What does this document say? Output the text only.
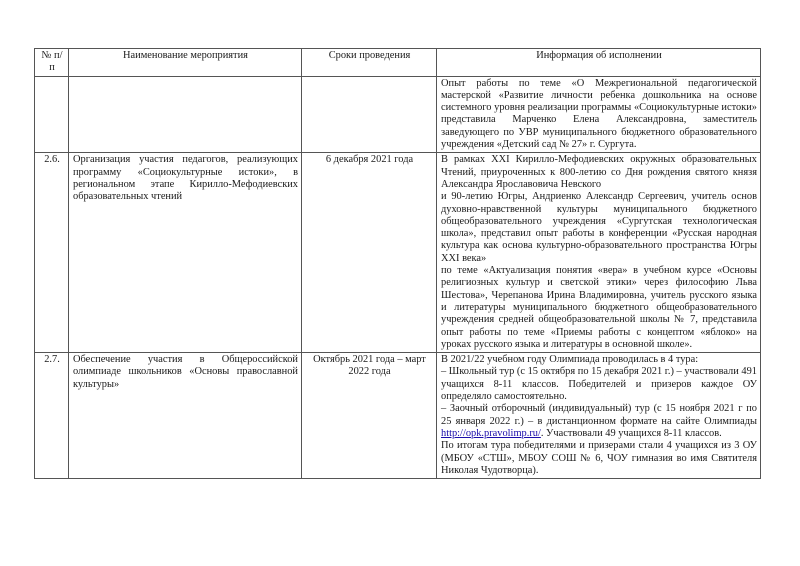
№ п/п	Наименование мероприятия	Сроки проведения	Информация об исполнении

			Опыт работы по теме «О Межрегиональной педагогической мастерской «Развитие личности ребенка дошкольника на основе системного уровня реализации программы «Социокультурные истоки» представила Марченко Елена Александровна, заместитель заведующего по УВР муниципального бюджетного образовательного учреждения «Детский сад № 27» г. Сургута.

2.6.	Организация участия педагогов, реализующих программу «Социокультурные истоки», в региональном этапе Кирилло-Мефодиевских образовательных чтений	6 декабря 2021 года	В рамках XXI Кирилло-Мефодиевских окружных образовательных Чтений, приуроченных к 800-летию со Дня рождения святого князя Александра Ярославовича Невского

и 90-летию Югры, Андриенко Александр Сергеевич, учитель основ духовно-нравственной культуры муниципального бюджетного общеобразовательного учреждения «Сургутская технологическая школа», представил опыт работы в конференции «Русская народная культура как основа культурно-образовательного пространства Югры XXI века»

по теме «Актуализация понятия «вера» в учебном курсе «Основы религиозных культур и светской этики» через философию Льва Шестова», Черепанова Ирина Владимировна, учитель русского языка и литературы муниципального бюджетного общеобразовательного учреждения средней общеобразовательной школы № 7, представила опыт работы по теме «Приемы работы с концептом «яблоко» на уроках русского языка и литературы в основной школе».

2.7.	Обеспечение участия в Общероссийской олимпиаде школьников «Основы православной культуры»	Октябрь 2021 года – март 2022 года	В 2021/22 учебном году Олимпиада проводилась в 4 тура:

– Школьный тур (с 15 октября по 15 декабря 2021 г.) – участвовали 491 учащихся 8-11 классов. Победителей и призеров каждое ОУ определяло самостоятельно.

– Заочный отборочный (индивидуальный) тур (с 15 ноября 2021 г по 25 января 2022 г.) – в дистанционном формате на сайте Олимпиады http://opk.pravolimp.ru/. Участвовали 49 учащихся 8-11 классов.

По итогам тура победителями и призерами стали 4 учащихся из 3 ОУ (МБОУ «СТШ», МБОУ СОШ № 6, ЧОУ гимназия во имя Святителя Николая Чудотворца).
